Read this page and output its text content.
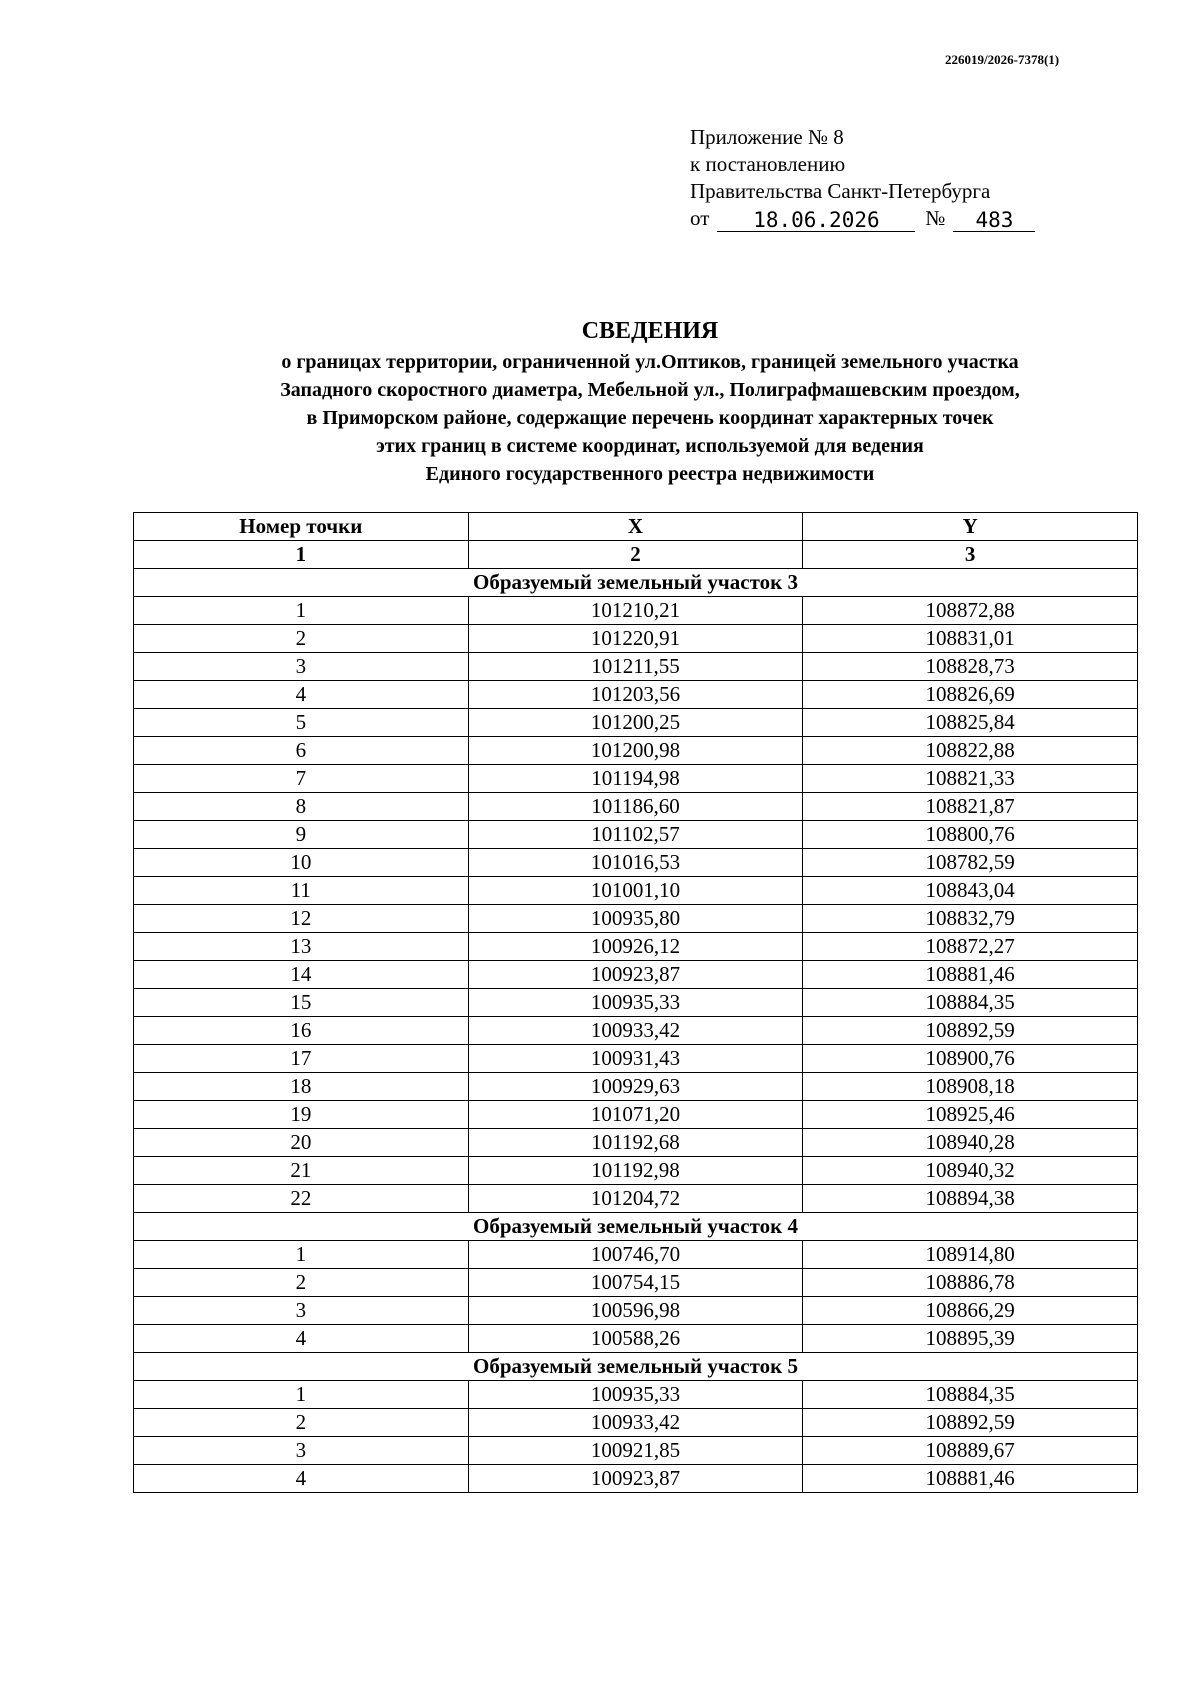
226019/2026-7378(1)
Приложение № 8
к постановлению
Правительства Санкт-Петербурга
от	18.06.2026	№	483
СВЕДЕНИЯ
о границах территории, ограниченной ул.Оптиков, границей земельного участка
Западного скоростного диаметра, Мебельной ул., Полиграфмашевским проездом,
в Приморском районе, содержащие перечень координат характерных точек
этих границ в системе координат, используемой для ведения
Единого государственного реестра недвижимости
Номер точки	X	Y
1	2	3
Образуемый земельный участок 3		
1	101210,21	108872,88
2	101220,91	108831,01
3	101211,55	108828,73
4	101203,56	108826,69
5	101200,25	108825,84
6	101200,98	108822,88
7	101194,98	108821,33
8	101186,60	108821,87
9	101102,57	108800,76
10	101016,53	108782,59
11	101001,10	108843,04
12	100935,80	108832,79
13	100926,12	108872,27
14	100923,87	108881,46
15	100935,33	108884,35
16	100933,42	108892,59
17	100931,43	108900,76
18	100929,63	108908,18
19	101071,20	108925,46
20	101192,68	108940,28
21	101192,98	108940,32
22	101204,72	108894,38
Образуемый земельный участок 4		
1	100746,70	108914,80
2	100754,15	108886,78
3	100596,98	108866,29
4	100588,26	108895,39
Образуемый земельный участок 5		
1	100935,33	108884,35
2	100933,42	108892,59
3	100921,85	108889,67
4	100923,87	108881,46
